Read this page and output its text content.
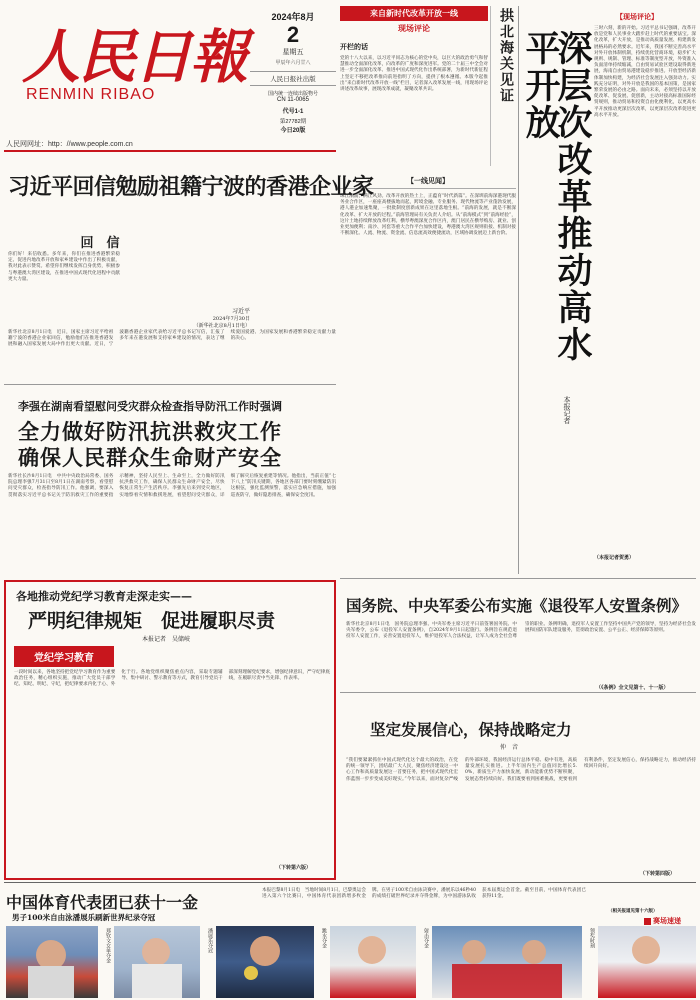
人民日報
RENMIN RIBAO
人民网网址：http：//www.people.com.cn
2024年8月
2
星期五
甲辰年六月廿八
人民日报社出版
国内统一连续出版物号
CN 11-0065
代号1-1
第27782期
今日20版
来自新时代改革开放一线
现场评论
开栏的话
党的十八大以来，以习近平同志为核心的党中央，以巨大的政治勇气和智慧推动全面深化改革，向改革的广度和深度进军。党的二十届三中全会对进一步全面深化改革、推进中国式现代化作出系统部署，为新时代新征程上坚定不移把改革推向前进指明了方向，提供了根本遵循。本版今起推出“来自新时代改革开放一线”栏目，记者深入改革发展一线，用现场评论讲述改革故事，展现改革成就，凝聚改革共识。	拱北海关见证
【一线见闻】
珠江潮涌，满江风劲。改革开放的热土上，正蕴育“时代新篇”。在深圳前海深港现代服务业合作区，一座座高楼拔地而起，跨境金融、专业服务、现代物流等产业蓬勃发展，港人港企加速集聚，一批批制度创新成果在这里落地生根。“前海的发展，就是不断深化改革、扩大开放的过程。”前海管理局有关负责人介绍。从“前海模式”到“前海经验”，这片土地持续释放改革红利。横琴粤澳深度合作区内，澳门居民在横琴购房、就业、创业更加便利；南沙、河套等重大合作平台加快建设，粤港澳大湾区规则衔接、机制对接不断深化。人流、物流、资金流、信息流高效便捷流动，区域协调发展迈上新台阶。	深层次改革推动高水平开放
本报记者
【现场评论】
三时六刻，新的开始。习近平总书记强调，改革开放是党和人民事业大踏步赶上时代的重要法宝。深化改革，扩大开放，是推动高质量发展、构建新发展格局的必然要求。近年来，我国不断完善高水平对外开放体制机制，持续优化营商环境，稳步扩大规则、规制、管理、标准等制度型开放，外资准入负面清单持续缩减，自由贸易试验区建设取得新进展，海南自由贸易港建设稳步推进。开放型经济新体制加快构建，为经济社会发展注入强劲动力。实践充分证明，对外开放是我国的基本国策，是国家繁荣发展的必由之路。面向未来，必须坚持以开放促改革、促发展、促创新，主动对接高标准国际经贸规则，推动贸易和投资自由化便利化，以更高水平开放推动更深层次改革，以更深层次改革促进更高水平开放。
（本报记者贺勇）
习近平回信勉励祖籍宁波的香港企业家
回　信
你们好！来信收悉。多年来，你们在推进香港繁荣稳定、促进内地改革开放和家乡建设中作出了积极贡献，我对此表示赞赏。希望你们继续发挥自身优势，积极参与粤港澳大湾区建设，在推进中国式现代化进程中贡献更大力量。
习近平
2024年7月30日
（新华社北京8月1日电）
新华社北京8月1日电　近日，国家主席习近平给祖籍宁波的香港企业家回信，勉励他们在推进香港发展和融入国家发展大局中作出更大贡献。近日，宁波籍香港企业家代表给习近平总书记写信，汇报了多年来在港发展和支持家乡建设的情况，表达了继续爱国爱港、为国家发展和香港繁荣稳定贡献力量的决心。
李强在湖南看望慰问受灾群众检查指导防汛工作时强调
全力做好防汛抗洪救灾工作
确保人民群众生命财产安全
新华社长沙8月1日电　中共中央政治局常委、国务院总理李强7月31日至8月1日在湖南考察，看望慰问受灾群众，检查指导防汛工作。他强调，要深入贯彻落实习近平总书记关于防汛救灾工作的重要指示精神，坚持人民至上、生命至上，全力做好防汛抗洪救灾工作，确保人民群众生命财产安全，尽快恢复正常生产生活秩序。李强先后来到受灾地区，实地察看灾情和救援进展，看望慰问受灾群众，详细了解灾后恢复重建等情况。他指出，当前正值“七下八上”防汛关键期，各地区各部门要时刻绷紧防汛这根弦，强化监测预警，落实应急响应措施，加强巡查防守，做好隐患排查，确保安全度汛。
国务院、中央军委公布实施《退役军人安置条例》
新华社北京8月1日电　国务院总理李强、中央军委主席习近平日前签署国务院、中央军委令，公布《退役军人安置条例》，自2024年9月1日起施行。条例旨在规范退役军人安置工作，妥善安置退役军人，维护退役军人合法权益，让军人成为全社会尊崇的职业。条例明确，退役军人安置工作坚持中国共产党的领导，坚持为经济社会发展和国防军队建设服务，贯彻政治安置、公平公正、经济保障等原则。
（《条例》全文见第十、十一版）
各地推动党纪学习教育走深走实——
严明纪律规矩　促进履职尽责
本报记者　吴储岐
党纪学习教育
一段时间以来，各地坚持把党纪学习教育作为重要政治任务，精心组织实施，推动广大党员干部学纪、知纪、明纪、守纪，把纪律要求内化于心、外化于行。各地党组织聚焦重点内容，采取专题辅导、集中研讨、警示教育等方式，教育引导党员干部深刻理解党纪要求，增强纪律意识，严守纪律底线，在履职尽责中当先锋、作表率。
（下转第六版）
坚定发展信心，保持战略定力
仲　音
“我们要紧紧抓住中国式现代化这个最大的政治，在党的统一领导下，团结最广大人民，聚焦经济建设这一中心工作和高质量发展这一首要任务，把中国式现代化宏伟蓝图一步步变成美好现实。”今年以来，面对复杂严峻的外部环境，我国经济运行总体平稳、稳中有进，高质量发展扎实推进。上半年国内生产总值同比增长5.0%，新质生产力加快发展，新动能新优势不断积聚，发展态势持续向好。我们既要看到困难挑战，更要看到有利条件，坚定发展信心，保持战略定力，推动经济持续回升向好。
（下转第四版）
中国体育代表团已获十一金
男子100米自由泳潘展乐刷新世界纪录夺冠
本报巴黎8月1日电　当地时间8月1日，巴黎奥运会进入第六个比赛日，中国体育代表团新增多枚金牌。在男子100米自由泳决赛中，潘展乐以46秒40的成绩打破世界纪录并夺得金牌，为中国游泳队收获本届奥运会首金。截至目前，中国体育代表团已获得11金。
（相关报道见第十六版）
赛场速递
郑钦文女单夺金	潘展乐夺冠	跳水夺金	射击夺金	领奖时刻
